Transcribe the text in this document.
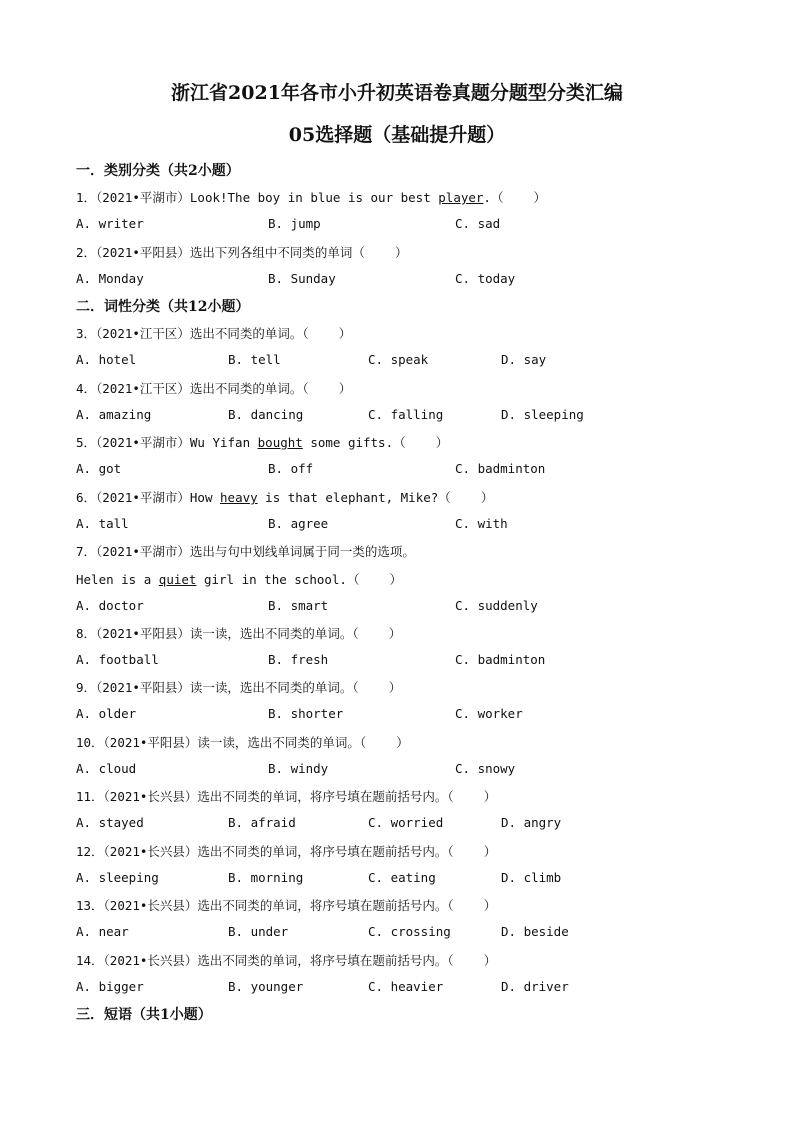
浙江省2021年各市小升初英语卷真题分题型分类汇编
05选择题（基础提升题）
一．类别分类（共2小题）
1．（2021•平湖市）Look!The boy in blue is our best player.（    ）
A. writer	B. jump	C. sad
2．（2021•平阳县）选出下列各组中不同类的单词（    ）
A. Monday	B. Sunday	C. today
二．词性分类（共12小题）
3．（2021•江干区）选出不同类的单词。（    ）
A. hotel	B. tell	C. speak	D. say
4．（2021•江干区）选出不同类的单词。（    ）
A. amazing	B. dancing	C. falling	D. sleeping
5．（2021•平湖市）Wu Yifan bought some gifts.（    ）
A. got	B. off	C. badminton
6．（2021•平湖市）How heavy is that elephant, Mike?（    ）
A. tall	B. agree	C. with
7．（2021•平湖市）选出与句中划线单词属于同一类的选项。
Helen is a quiet girl in the school.（    ）
A. doctor	B. smart	C. suddenly
8．（2021•平阳县）读一读，选出不同类的单词。（    ）
A. football	B. fresh	C. badminton
9．（2021•平阳县）读一读，选出不同类的单词。（    ）
A. older	B. shorter	C. worker
10．（2021•平阳县）读一读，选出不同类的单词。（    ）
A. cloud	B. windy	C. snowy
11．（2021•长兴县）选出不同类的单词，将序号填在题前括号内。（    ）
A. stayed	B. afraid	C. worried	D. angry
12．（2021•长兴县）选出不同类的单词，将序号填在题前括号内。（    ）
A. sleeping	B. morning	C. eating	D. climb
13．（2021•长兴县）选出不同类的单词，将序号填在题前括号内。（    ）
A. near	B. under	C. crossing	D. beside
14．（2021•长兴县）选出不同类的单词，将序号填在题前括号内。（    ）
A. bigger	B. younger	C. heavier	D. driver
三．短语（共1小题）
